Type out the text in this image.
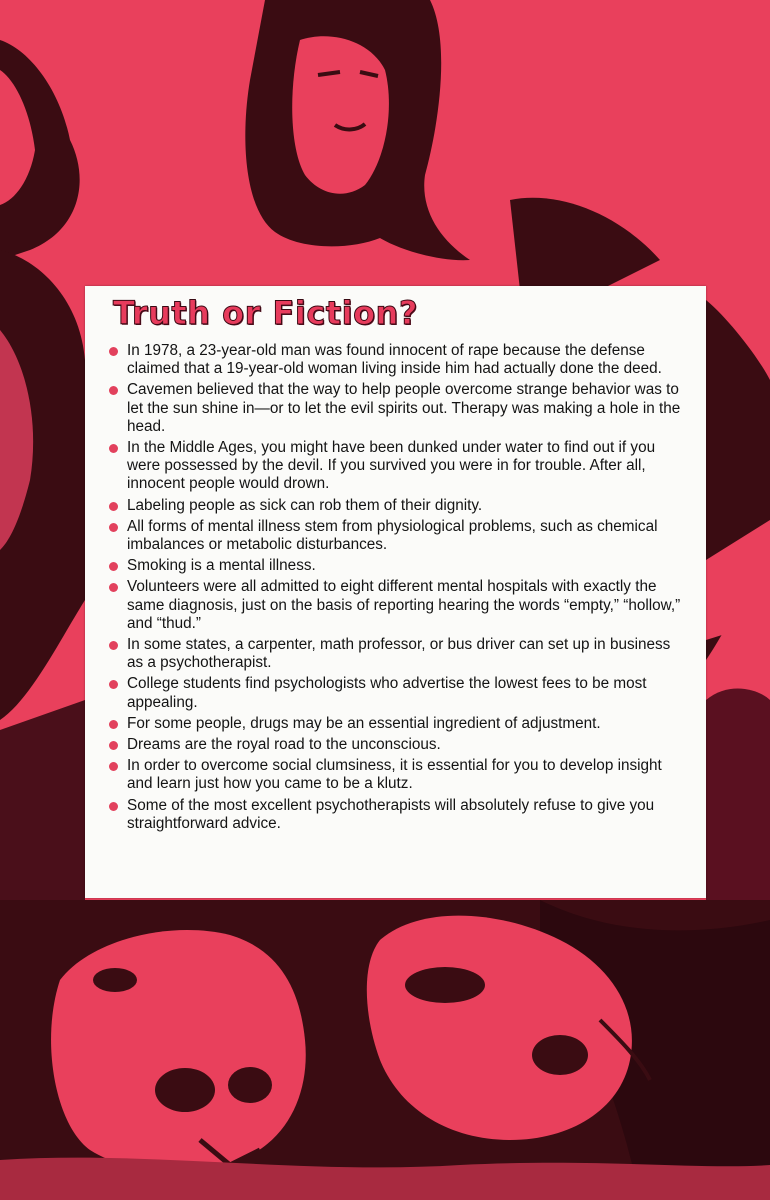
Truth or Fiction?
In 1978, a 23-year-old man was found innocent of rape because the defense claimed that a 19-year-old woman living inside him had actually done the deed.
Cavemen believed that the way to help people overcome strange behavior was to let the sun shine in—or to let the evil spirits out. Therapy was making a hole in the head.
In the Middle Ages, you might have been dunked under water to find out if you were possessed by the devil. If you survived you were in for trouble. After all, innocent people would drown.
Labeling people as sick can rob them of their dignity.
All forms of mental illness stem from physiological problems, such as chemical imbalances or metabolic disturbances.
Smoking is a mental illness.
Volunteers were all admitted to eight different mental hospitals with exactly the same diagnosis, just on the basis of reporting hearing the words “empty,” “hollow,” and “thud.”
In some states, a carpenter, math professor, or bus driver can set up in business as a psychotherapist.
College students find psychologists who advertise the lowest fees to be most appealing.
For some people, drugs may be an essential ingredient of adjustment.
Dreams are the royal road to the unconscious.
In order to overcome social clumsiness, it is essential for you to develop insight and learn just how you came to be a klutz.
Some of the most excellent psychotherapists will absolutely refuse to give you straightforward advice.
